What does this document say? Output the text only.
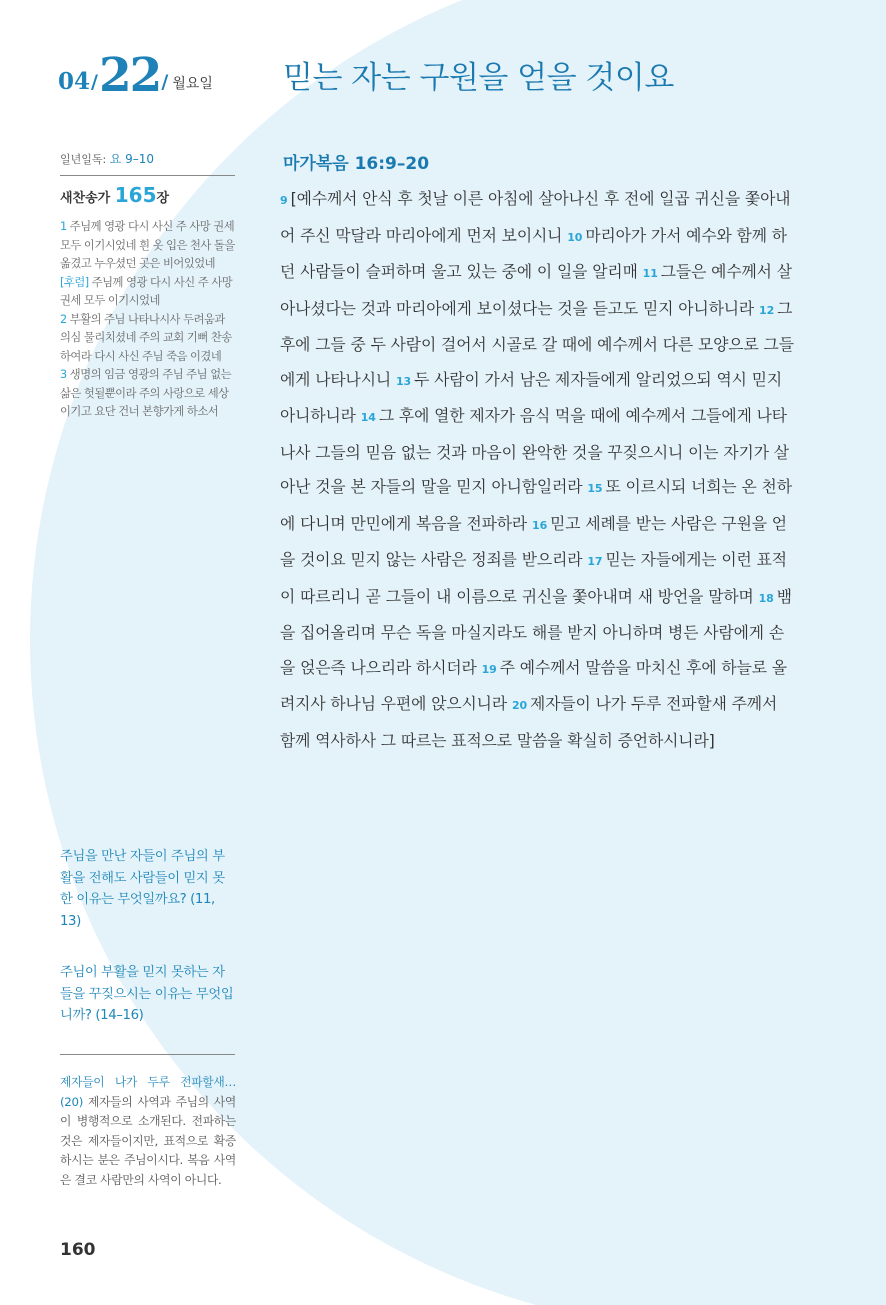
04/22/ 월요일 믿는 자는 구원을 얻을 것이요
일년일독: 요 9–10
새찬송가 165장

1 주님께 영광 다시 사신 주 사망 권세 모두 이기시었네 흰 옷 입은 천사 돌을 옮겼고 누우셨던 곳은 비어있었네

[후렴] 주님께 영광 다시 사신 주 사망 권세 모두 이기시었네

2 부활의 주님 나타나시사 두려움과 의심 물리치셨네 주의 교회 기뻐 찬송하여라 다시 사신 주님 죽음 이겼네

3 생명의 임금 영광의 주님 주님 없는 삶은 헛될뿐이라 주의 사랑으로 세상 이기고 요단 건너 본향가게 하소서

주님을 만난 자들이 주님의 부활을 전해도 사람들이 믿지 못한 이유는 무엇일까요? (11, 13)

주님이 부활을 믿지 못하는 자들을 꾸짖으시는 이유는 무엇입니까? (14–16)

제자들이 나가 두루 전파할새…(20) 제자들의 사역과 주님의 사역이 병행적으로 소개된다. 전파하는 것은 제자들이지만, 표적으로 확증하시는 분은 주님이시다. 복음 사역은 결코 사람만의 사역이 아니다.
160
마가복음 16:9–20
9 [예수께서 안식 후 첫날 이른 아침에 살아나신 후 전에 일곱 귀신을 쫓아내어 주신 막달라 마리아에게 먼저 보이시니 10 마리아가 가서 예수와 함께 하던 사람들이 슬퍼하며 울고 있는 중에 이 일을 알리매 11 그들은 예수께서 살아나셨다는 것과 마리아에게 보이셨다는 것을 듣고도 믿지 아니하니라 12 그 후에 그들 중 두 사람이 걸어서 시골로 갈 때에 예수께서 다른 모양으로 그들에게 나타나시니 13 두 사람이 가서 남은 제자들에게 알리었으되 역시 믿지 아니하니라 14 그 후에 열한 제자가 음식 먹을 때에 예수께서 그들에게 나타나사 그들의 믿음 없는 것과 마음이 완악한 것을 꾸짖으시니 이는 자기가 살아난 것을 본 자들의 말을 믿지 아니함일러라 15 또 이르시되 너희는 온 천하에 다니며 만민에게 복음을 전파하라 16 믿고 세례를 받는 사람은 구원을 얻을 것이요 믿지 않는 사람은 정죄를 받으리라 17 믿는 자들에게는 이런 표적이 따르리니 곧 그들이 내 이름으로 귀신을 쫓아내며 새 방언을 말하며 18 뱀을 집어올리며 무슨 독을 마실지라도 해를 받지 아니하며 병든 사람에게 손을 얹은즉 나으리라 하시더라 19 주 예수께서 말씀을 마치신 후에 하늘로 올려지사 하나님 우편에 앉으시니라 20 제자들이 나가 두루 전파할새 주께서 함께 역사하사 그 따르는 표적으로 말씀을 확실히 증언하시니라]
